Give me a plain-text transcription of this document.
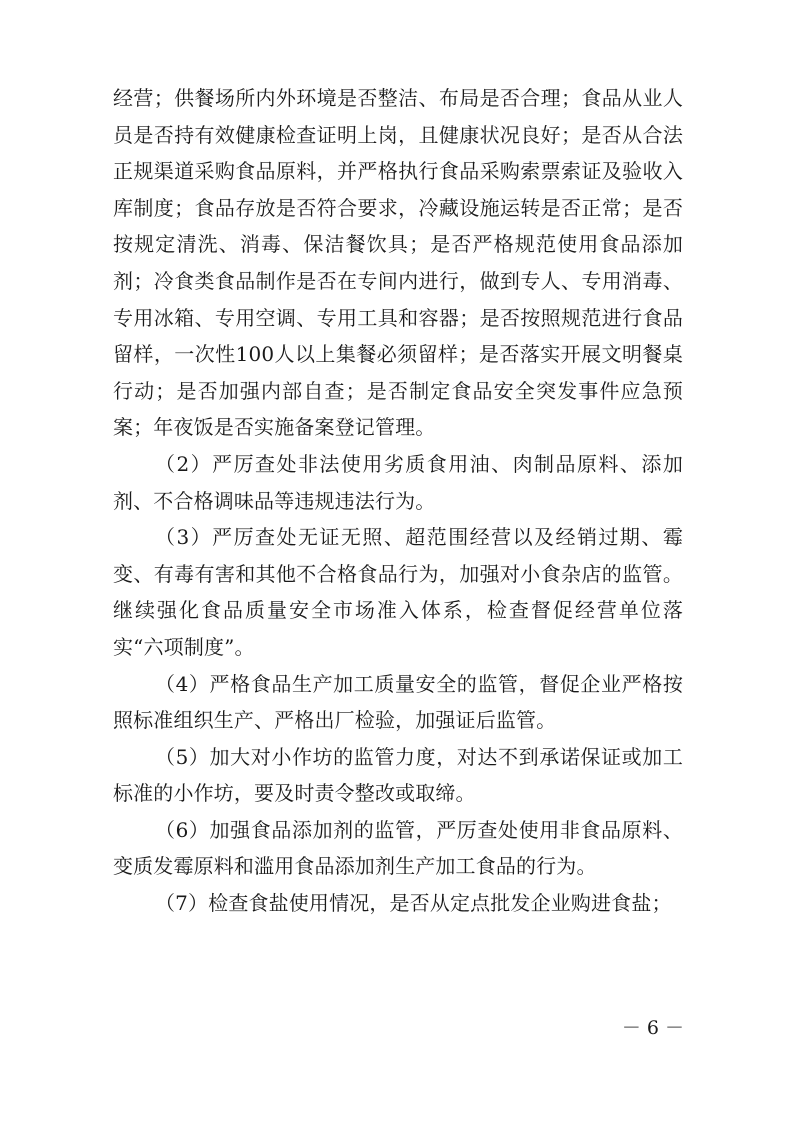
经营；供餐场所内外环境是否整洁、布局是否合理；食品从业人员是否持有效健康检查证明上岗，且健康状况良好；是否从合法正规渠道采购食品原料，并严格执行食品采购索票索证及验收入库制度；食品存放是否符合要求，冷藏设施运转是否正常；是否按规定清洗、消毒、保洁餐饮具；是否严格规范使用食品添加剂；冷食类食品制作是否在专间内进行，做到专人、专用消毒、专用冰箱、专用空调、专用工具和容器；是否按照规范进行食品留样，一次性100人以上集餐必须留样；是否落实开展文明餐桌行动；是否加强内部自查；是否制定食品安全突发事件应急预案；年夜饭是否实施备案登记管理。

（2）严厉查处非法使用劣质食用油、肉制品原料、添加剂、不合格调味品等违规违法行为。

（3）严厉查处无证无照、超范围经营以及经销过期、霉变、有毒有害和其他不合格食品行为，加强对小食杂店的监管。继续强化食品质量安全市场准入体系，检查督促经营单位落实“六项制度”。

（4）严格食品生产加工质量安全的监管，督促企业严格按照标准组织生产、严格出厂检验，加强证后监管。

（5）加大对小作坊的监管力度，对达不到承诺保证或加工标准的小作坊，要及时责令整改或取缔。

（6）加强食品添加剂的监管，严厉查处使用非食品原料、变质发霉原料和滥用食品添加剂生产加工食品的行为。

（7）检查食盐使用情况，是否从定点批发企业购进食盐；

－ 6 －
